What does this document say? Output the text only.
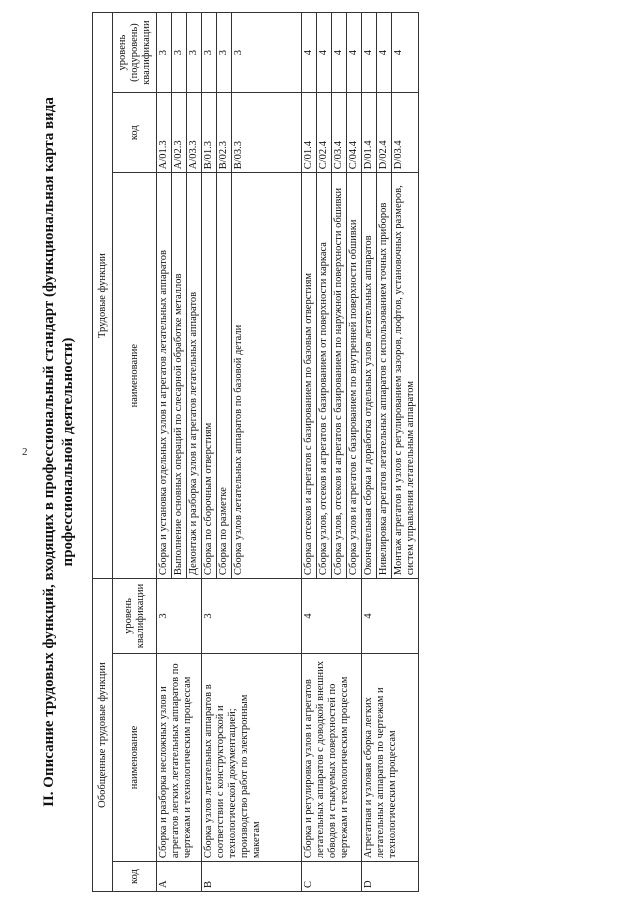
2 II. Описание трудовых функций, входящих в профессиональный стандарт (функциональная карта вида профессиональной деятельности)
Обобщенные трудовые функции			Трудовые функции		
код	наименование	уровень квалификации	наименование	код	уровень (подуровень) квалификации
A	Сборка и разборка несложных узлов и агрегатов легких летательных аппаратов по чертежам и технологическим процессам	3	Сборка и установка отдельных узлов и агрегатов летательных аппаратов	A/01.3	3
			Выполнение основных операций по слесарной обработке металлов	A/02.3	3
			Демонтаж и разборка узлов и агрегатов летательных аппаратов	A/03.3	3
B	Сборка узлов летательных аппаратов в соответствии с конструкторской и технологической документацией; производство работ по электронным макетам	3	Сборка по сборочным отверстиям	B/01.3	3
			Сборка по разметке	B/02.3	3
			Сборка узлов летательных аппаратов по базовой детали	B/03.3	3
C	Сборка и регулировка узлов и агрегатов летательных аппаратов с доводкой внешних обводов и стыкуемых поверхностей по чертежам и технологическим процессам	4	Сборка отсеков и агрегатов с базированием по базовым отверстиям	C/01.4	4
			Сборка узлов, отсеков и агрегатов с базированием от поверхности каркаса	C/02.4	4
			Сборка узлов, отсеков и агрегатов с базированием по наружной поверхности обшивки	C/03.4	4
			Сборка узлов и агрегатов с базированием по внутренней поверхности обшивки	C/04.4	4
D	Агрегатная и узловая сборка легких летательных аппаратов по чертежам и технологическим процессам	4	Окончательная сборка и доработка отдельных узлов летательных аппаратов	D/01.4	4
			Нивелировка агрегатов летательных аппаратов с использованием точных приборов	D/02.4	4
			Монтаж агрегатов и узлов с регулированием зазоров, люфтов, установочных размеров, систем управления летательным аппаратом	D/03.4	4
